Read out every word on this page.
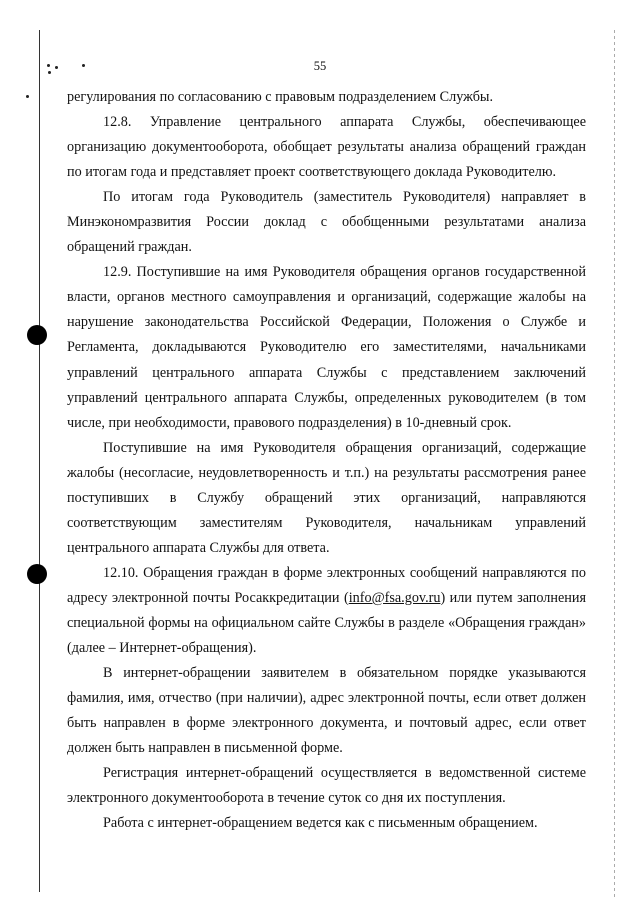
55

регулирования по согласованию с правовым подразделением Службы.

12.8. Управление центрального аппарата Службы, обеспечивающее организацию документооборота, обобщает результаты анализа обращений граждан по итогам года и представляет проект соответствующего доклада Руководителю.

По итогам года Руководитель (заместитель Руководителя) направляет в Минэкономразвития России доклад с обобщенными результатами анализа обращений граждан.

12.9. Поступившие на имя Руководителя обращения органов государственной власти, органов местного самоуправления и организаций, содержащие жалобы на нарушение законодательства Российской Федерации, Положения о Службе и Регламента, докладываются Руководителю его заместителями, начальниками управлений центрального аппарата Службы с представлением заключений управлений центрального аппарата Службы, определенных руководителем (в том числе, при необходимости, правового подразделения) в 10-дневный срок.

Поступившие на имя Руководителя обращения организаций, содержащие жалобы (несогласие, неудовлетворенность и т.п.) на результаты рассмотрения ранее поступивших в Службу обращений этих организаций, направляются соответствующим заместителям Руководителя, начальникам управлений центрального аппарата Службы для ответа.

12.10. Обращения граждан в форме электронных сообщений направляются по адресу электронной почты Росаккредитации (info@fsa.gov.ru) или путем заполнения специальной формы на официальном сайте Службы в разделе «Обращения граждан» (далее – Интернет-обращения).

В интернет-обращении заявителем в обязательном порядке указываются фамилия, имя, отчество (при наличии), адрес электронной почты, если ответ должен быть направлен в форме электронного документа, и почтовый адрес, если ответ должен быть направлен в письменной форме.

Регистрация интернет-обращений осуществляется в ведомственной системе электронного документооборота в течение суток со дня их поступления.

Работа с интернет-обращением ведется как с письменным обращением.
